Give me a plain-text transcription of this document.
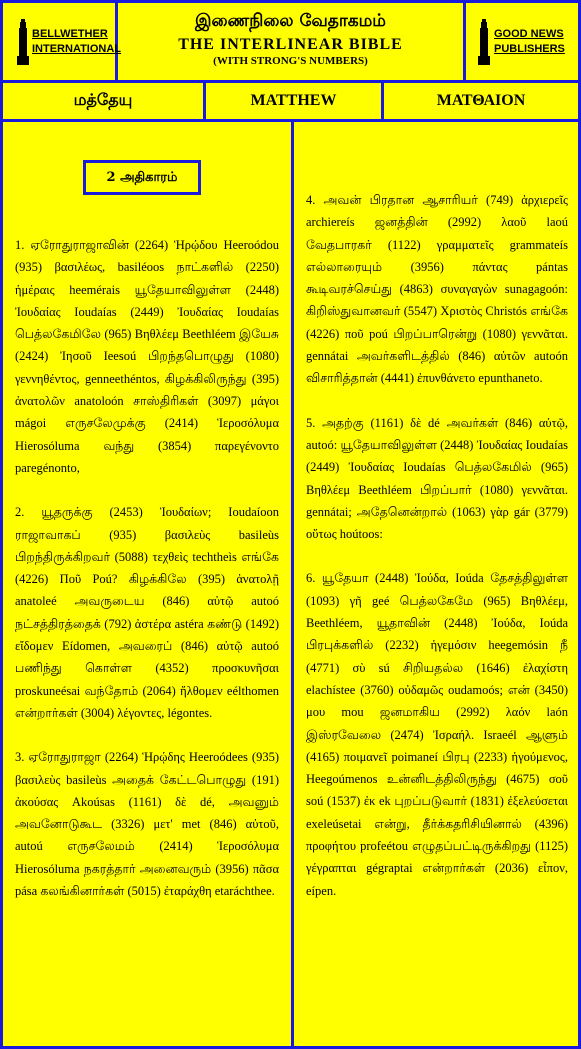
BELLWETHER INTERNATIONAL
இணைநிலை வேதாகமம்
THE INTERLINEAR BIBLE
(WITH STRONG'S NUMBERS)
GOOD NEWS PUBLISHERS
மத்தேயு	MATTHEW	ΜΑΤΘΑΙΟΝ
2 அதிகாரம்

1. ஏரோதுராஜாவின் (2264) Ἡρῴδου Heeroódou (935) βασιλέως, basiléoos நாட்களில் (2250) ἡμέραις heemérais யூதேயாவிலுள்ள (2448) Ἰουδαίας Ioudaías (2449) Ἰουδαίας Ioudaías பெத்லகேமிலே (965) Βηθλέεμ Beethléem இயேசு (2424) Ἰησοῦ Ieesoú பிறந்தபொழுது (1080) γεννηθέντος, genneethéntos, கிழக்கிலிருந்து (395) ἀνατολῶν anatoloón சாஸ்திரிகள் (3097) μάγοι mágoi எருசலேமுக்கு (2414) Ἱεροσόλυμα Hierosóluma வந்து (3854) παρεγένοντο paregénonto,

2. யூதருக்கு (2453) Ἰουδαίων; Ioudaíoon ராஜாவாகப் (935) βασιλεὺς basileùs பிறந்திருக்கிறவர் (5088) τεχθεὶς techtheìs எங்கே (4226) Ποῦ Poú? கிழக்கிலே (395) ἀνατολῇ anatoleé அவருடைய (846) αὐτῷ autoó நட்சத்திரத்தைக் (792) ἀστέρα astéra கண்டு (1492) εἴδομεν Eídomen, அவரைப் (846) αὐτῷ autoó பணிந்து கொள்ள (4352) προσκυνῆσαι proskuneésai வந்தோம் (2064) ἤλθομεν eélthomen என்றார்கள் (3004) λέγοντες, légontes.

3. ஏரோதுராஜா (2264) Ἡρῴδης Heeroódees (935) βασιλεὺς basileùs அதைக் கேட்டபொழுது (191) ἀκούσας Akoúsas (1161) δὲ dé, அவனும் அவனோடுகூட (3326) μετ' met (846) αὐτοῦ, autoú எருசலேமம் (2414) Ἱεροσόλυμα Hierosóluma நகரத்தார் அனைவரும் (3956) πᾶσα pása கலங்கினார்கள் (5015) ἐταράχθη etaráchthee.

4. அவன் பிரதான ஆசாரியர் (749) ἀρχιερεῖς archiereís ஜனத்தின் (2992) λαοῦ laoú வேதபாரகர் (1122) γραμματεῖς grammateís எல்லாரையும் (3956) πάντας pántas கூடிவரச்செய்து (4863) συναγαγὼν sunagagoón: கிறிஸ்துவானவர் (5547) Χριστὸς Christós எங்கே (4226) ποῦ poú பிறப்பாரென்று (1080) γεννᾶται. gennátai அவர்களிடத்தில் (846) αὐτῶν autoón விசாரித்தான் (4441) ἐπυνθάνετο epunthaneto.

5. அதற்கு (1161) δὲ dé அவர்கள் (846) αὐτῷ, autoó: யூதேயாவிலுள்ள (2448) Ἰουδαίας Ioudaías (2449) Ἰουδαίας Ioudaías பெத்லகேமில் (965) Βηθλέεμ Beethléem பிறப்பார் (1080) γεννᾶται. gennátai; அதேனென்றால் (1063) γὰρ gár (3779) οὕτως hoútoos:

6. யூதேயா (2448) Ἰούδα, Ioúda தேசத்திலுள்ள (1093) γῆ geé பெத்லகேமே (965) Βηθλέεμ, Beethléem, யூதாவின் (2448) Ἰούδα, Ioúda பிரபுக்களில் (2232) ἡγεμόσιν heegemósin நீ (4771) σὺ sú சிறியதல்ல (1646) ἐλαχίστη elachístee (3760) οὐδαμῶς oudamoós; என் (3450) μου mou ஜனமாகிய (2992) λαόν laón இஸ்ரவேலை (2474) Ἰσραήλ. Israeél ஆளும் (4165) ποιμανεῖ poimaneí பிரபு (2233) ἡγούμενος, Heegoúmenos உன்னிடத்திலிருந்து (4675) σοῦ soú (1537) ἐκ ek புறப்படுவார் (1831) ἐξελεύσεται exeleúsetai என்று, தீர்க்கதரிசியினால் (4396) προφήτου profeétou எழுதப்பட்டிருக்கிறது (1125) γέγραπται gégraptai என்றார்கள் (2036) εἶπον, eípen.
